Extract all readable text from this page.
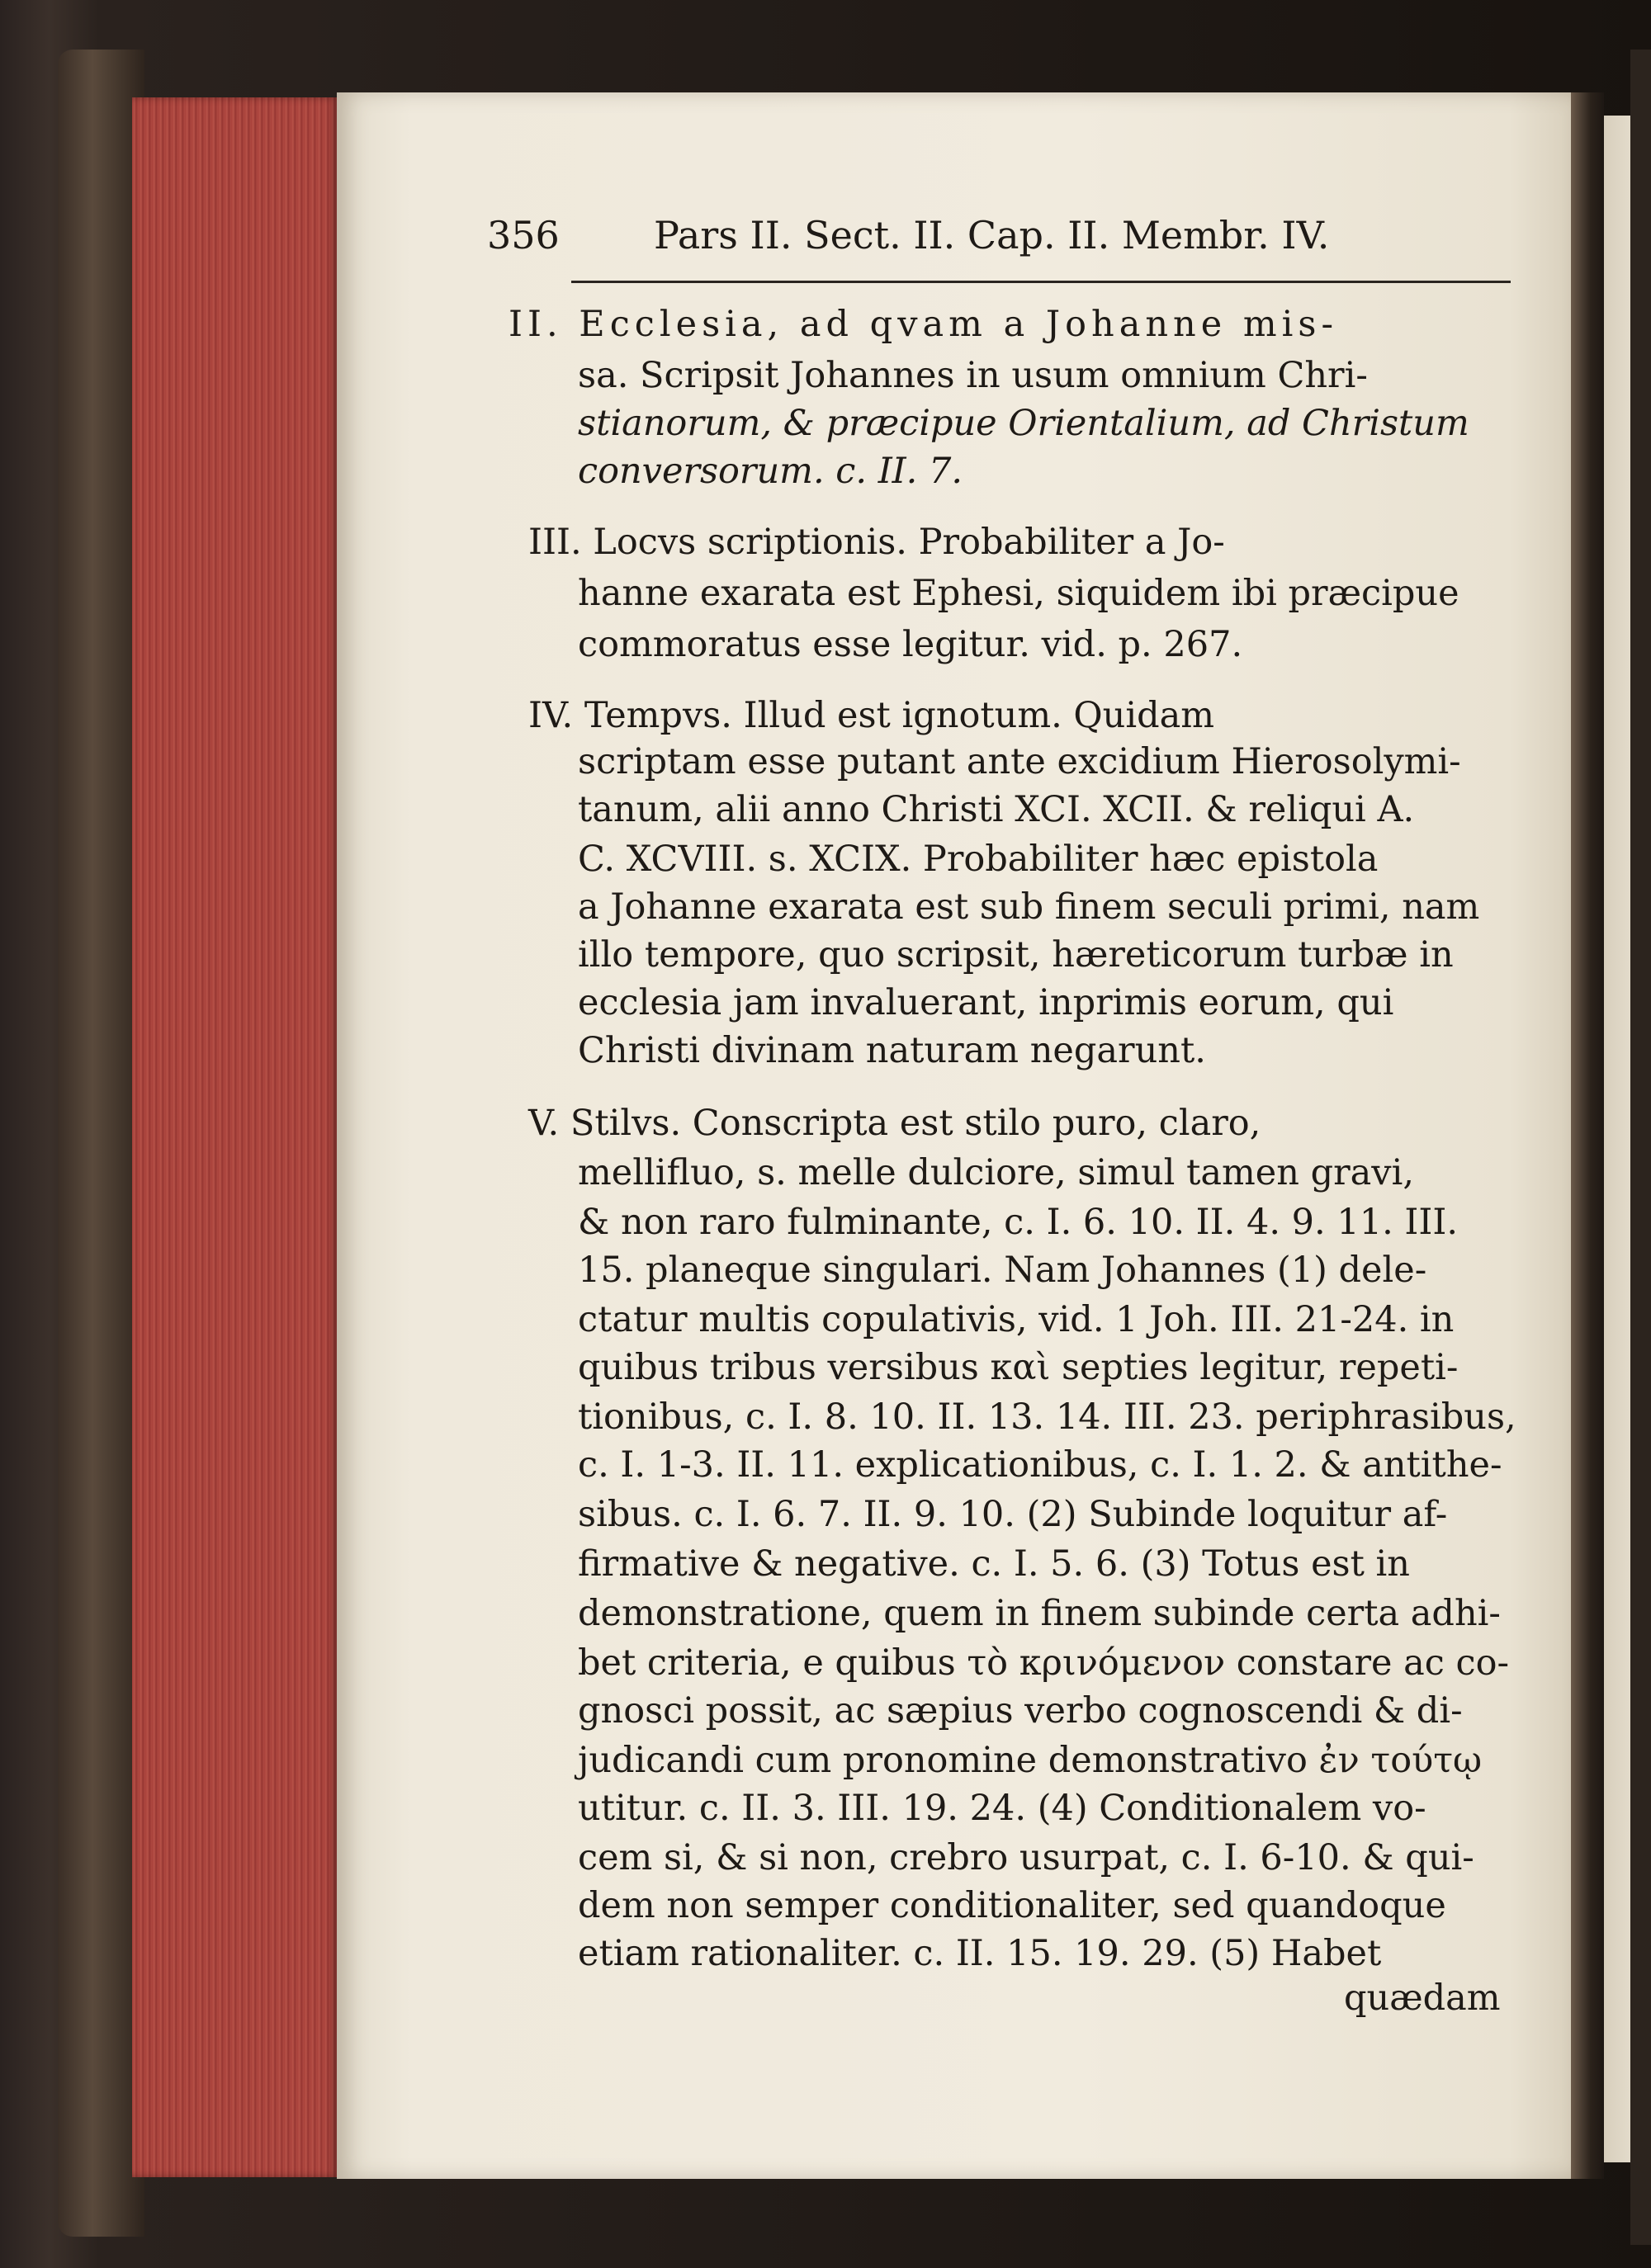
356 Pars II. Sect. II. Cap. II. Membr. IV.
II. Ecclesia, ad qvam a Johanne mis-
sa. Scripsit Johannes in usum omnium Chri-
stianorum, & præcipue Orientalium, ad Christum
conversorum. c. II. 7.
III. Locvs scriptionis. Probabiliter a Jo-
hanne exarata est Ephesi, siquidem ibi præcipue
commoratus esse legitur. vid. p. 267.
IV. Tempvs. Illud est ignotum. Quidam
scriptam esse putant ante excidium Hierosolymi-
tanum, alii anno Christi XCI. XCII. & reliqui A.
C. XCVIII. s. XCIX. Probabiliter hæc epistola
a Johanne exarata est sub finem seculi primi, nam
illo tempore, quo scripsit, hæreticorum turbæ in
ecclesia jam invaluerant, inprimis eorum, qui
Christi divinam naturam negarunt.
V. Stilvs. Conscripta est stilo puro, claro,
mellifluo, s. melle dulciore, simul tamen gravi,
& non raro fulminante, c. I. 6. 10. II. 4. 9. 11. III.
15. planeque singulari. Nam Johannes (1) dele-
ctatur multis copulativis, vid. 1 Joh. III. 21-24. in
quibus tribus versibus καὶ septies legitur, repeti-
tionibus, c. I. 8. 10. II. 13. 14. III. 23. periphrasibus,
c. I. 1-3. II. 11. explicationibus, c. I. 1. 2. & antithe-
sibus. c. I. 6. 7. II. 9. 10. (2) Subinde loquitur af-
firmative & negative. c. I. 5. 6. (3) Totus est in
demonstratione, quem in finem subinde certa adhi-
bet criteria, e quibus τὸ κρινόμενον constare ac co-
gnosci possit, ac sæpius verbo cognoscendi & di-
judicandi cum pronomine demonstrativo ἐν τούτῳ
utitur. c. II. 3. III. 19. 24. (4) Conditionalem vo-
cem si, & si non, crebro usurpat, c. I. 6-10. & qui-
dem non semper conditionaliter, sed quandoque
etiam rationaliter. c. II. 15. 19. 29. (5) Habet
quædam
